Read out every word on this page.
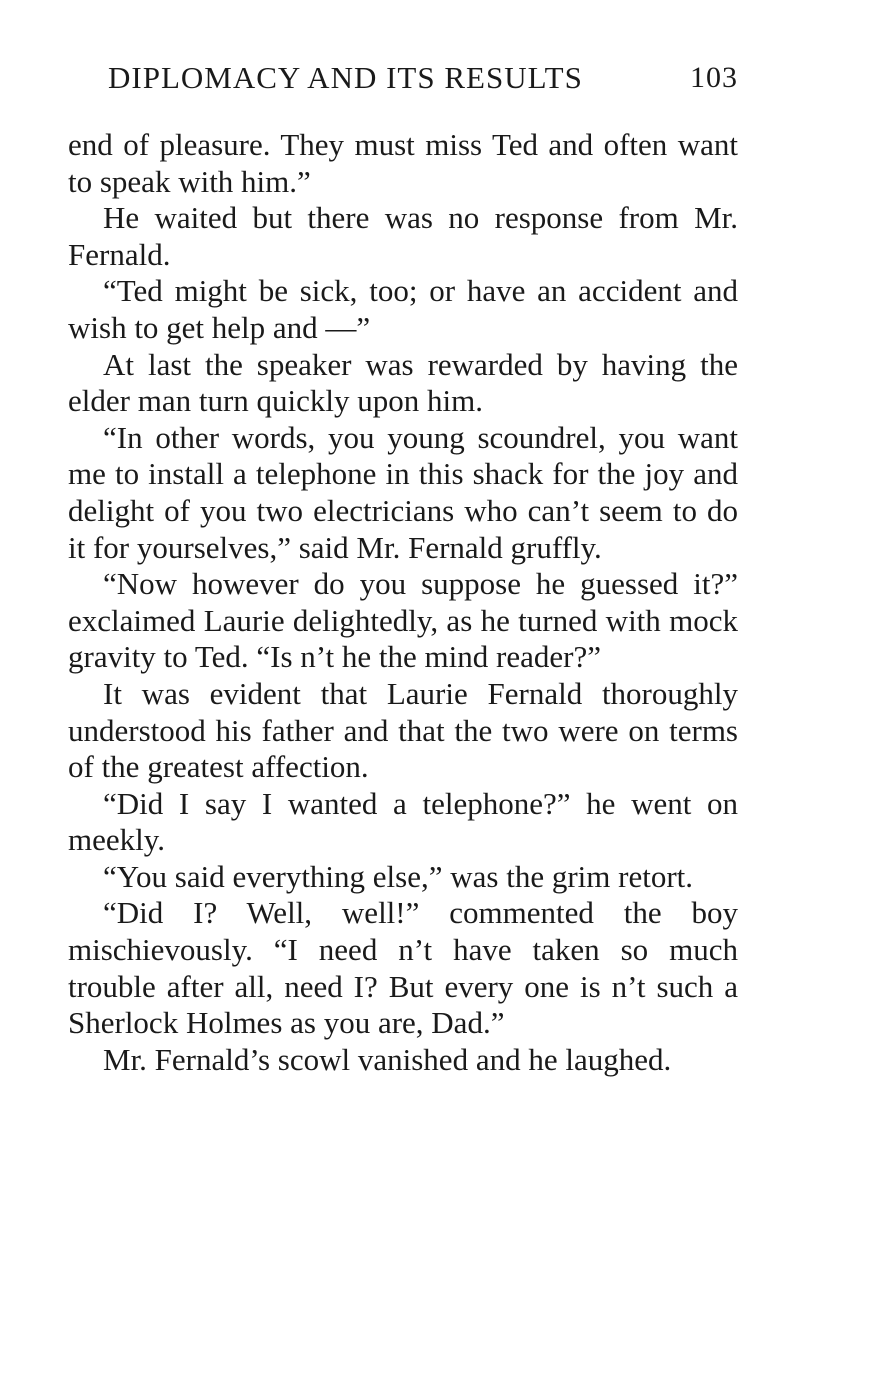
DIPLOMACY AND ITS RESULTS	103

end of pleasure. They must miss Ted and often want to speak with him.”

He waited but there was no response from Mr. Fernald.

“Ted might be sick, too; or have an accident and wish to get help and —”

At last the speaker was rewarded by having the elder man turn quickly upon him.

“In other words, you young scoundrel, you want me to install a telephone in this shack for the joy and delight of you two electricians who can’t seem to do it for yourselves,” said Mr. Fernald gruffly.

“Now however do you suppose he guessed it?” exclaimed Laurie delightedly, as he turned with mock gravity to Ted. “Is n’t he the mind reader?”

It was evident that Laurie Fernald thoroughly understood his father and that the two were on terms of the greatest affection.

“Did I say I wanted a telephone?” he went on meekly.

“You said everything else,” was the grim retort.

“Did I? Well, well!” commented the boy mischievously. “I need n’t have taken so much trouble after all, need I? But every one is n’t such a Sherlock Holmes as you are, Dad.”

Mr. Fernald’s scowl vanished and he laughed.
